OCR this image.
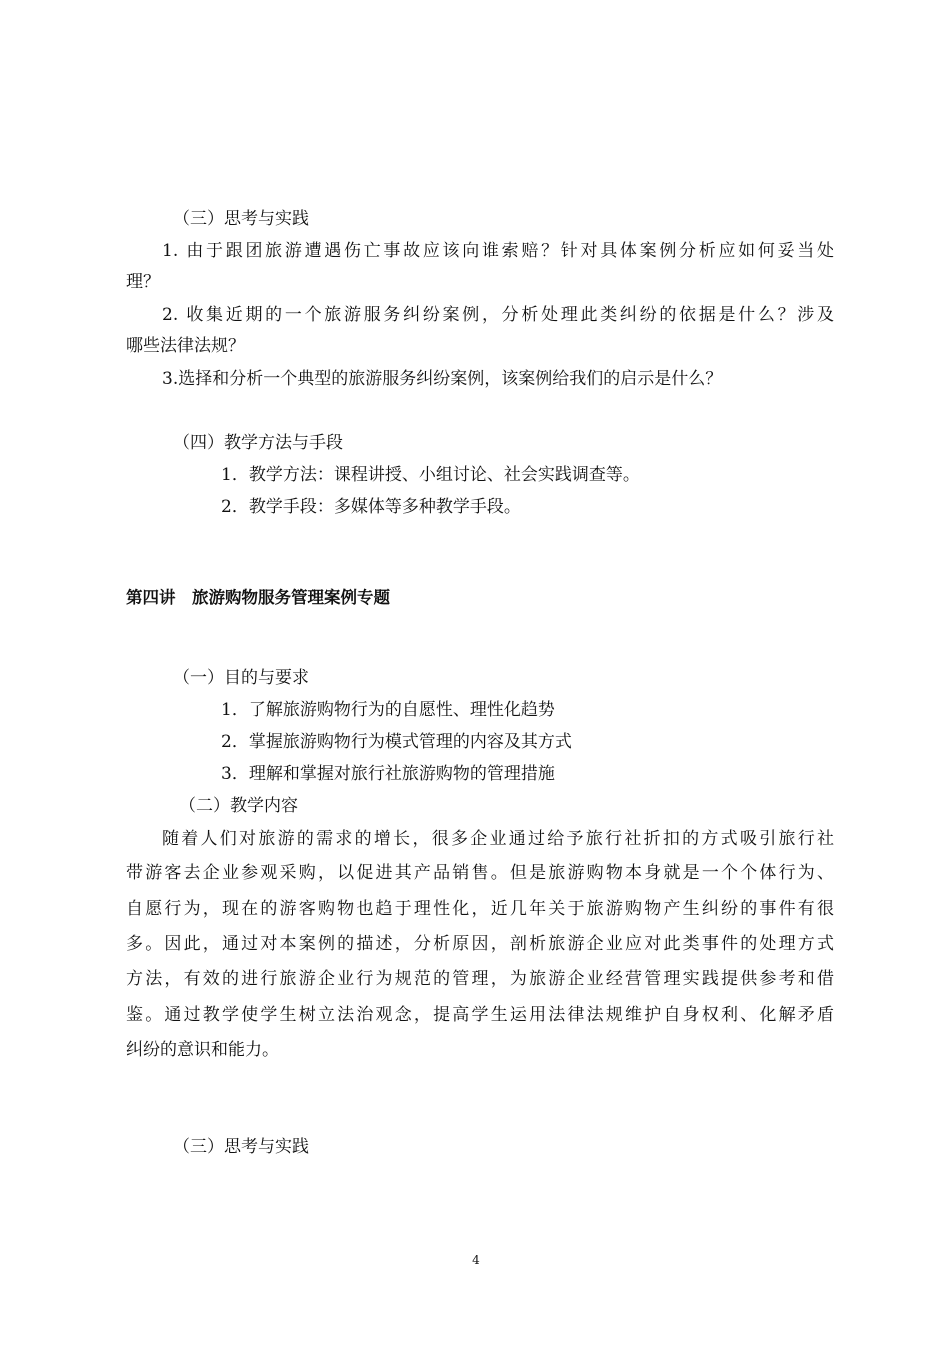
（三）思考与实践
1. 由于跟团旅游遭遇伤亡事故应该向谁索赔？针对具体案例分析应如何妥当处
理？
2. 收集近期的一个旅游服务纠纷案例，分析处理此类纠纷的依据是什么？涉及
哪些法律法规？
3.选择和分析一个典型的旅游服务纠纷案例，该案例给我们的启示是什么？
（四）教学方法与手段
1．教学方法：课程讲授、小组讨论、社会实践调查等。
2．教学手段：多媒体等多种教学手段。
第四讲　旅游购物服务管理案例专题
（一）目的与要求
1．了解旅游购物行为的自愿性、理性化趋势
2．掌握旅游购物行为模式管理的内容及其方式
3．理解和掌握对旅行社旅游购物的管理措施
（二）教学内容
随着人们对旅游的需求的增长，很多企业通过给予旅行社折扣的方式吸引旅行社
带游客去企业参观采购，以促进其产品销售。但是旅游购物本身就是一个个体行为、
自愿行为，现在的游客购物也趋于理性化，近几年关于旅游购物产生纠纷的事件有很
多。因此，通过对本案例的描述，分析原因，剖析旅游企业应对此类事件的处理方式
方法，有效的进行旅游企业行为规范的管理，为旅游企业经营管理实践提供参考和借
鉴。通过教学使学生树立法治观念，提高学生运用法律法规维护自身权利、化解矛盾
纠纷的意识和能力。
（三）思考与实践
4
